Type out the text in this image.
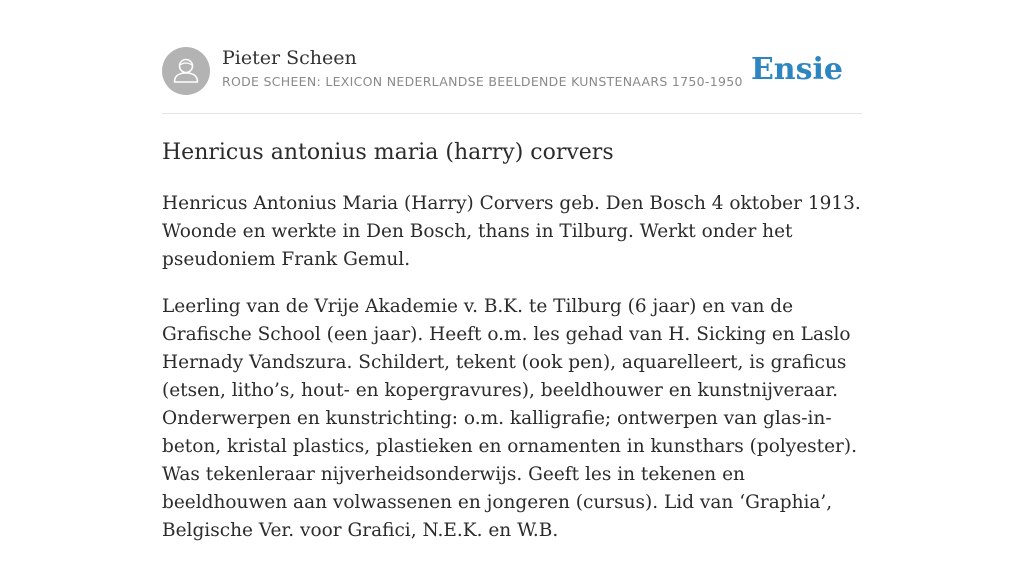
Pieter Scheen
RODE SCHEEN: LEXICON NEDERLANDSE BEELDENDE KUNSTENAARS 1750-1950 Ensie
Henricus antonius maria (harry) corvers

Henricus Antonius Maria (Harry) Corvers geb. Den Bosch 4 oktober 1913. Woonde en werkte in Den Bosch, thans in Tilburg. Werkt onder het pseudoniem Frank Gemul.

Leerling van de Vrije Akademie v. B.K. te Tilburg (6 jaar) en van de Grafische School (een jaar). Heeft o.m. les gehad van H. Sicking en Laslo Hernady Vandszura. Schildert, tekent (ook pen), aquarelleert, is graficus (etsen, litho’s, hout- en kopergravures), beeldhouwer en kunstnijveraar. Onderwerpen en kunstrichting: o.m. kalligrafie; ontwerpen van glas-in-beton, kristal plastics, plastieken en ornamenten in kunsthars (polyester). Was tekenleraar nijverheidsonderwijs. Geeft les in tekenen en beeldhouwen aan volwassenen en jongeren (cursus). Lid van ‘Graphia’, Belgische Ver. voor Grafici, N.E.K. en W.B.
